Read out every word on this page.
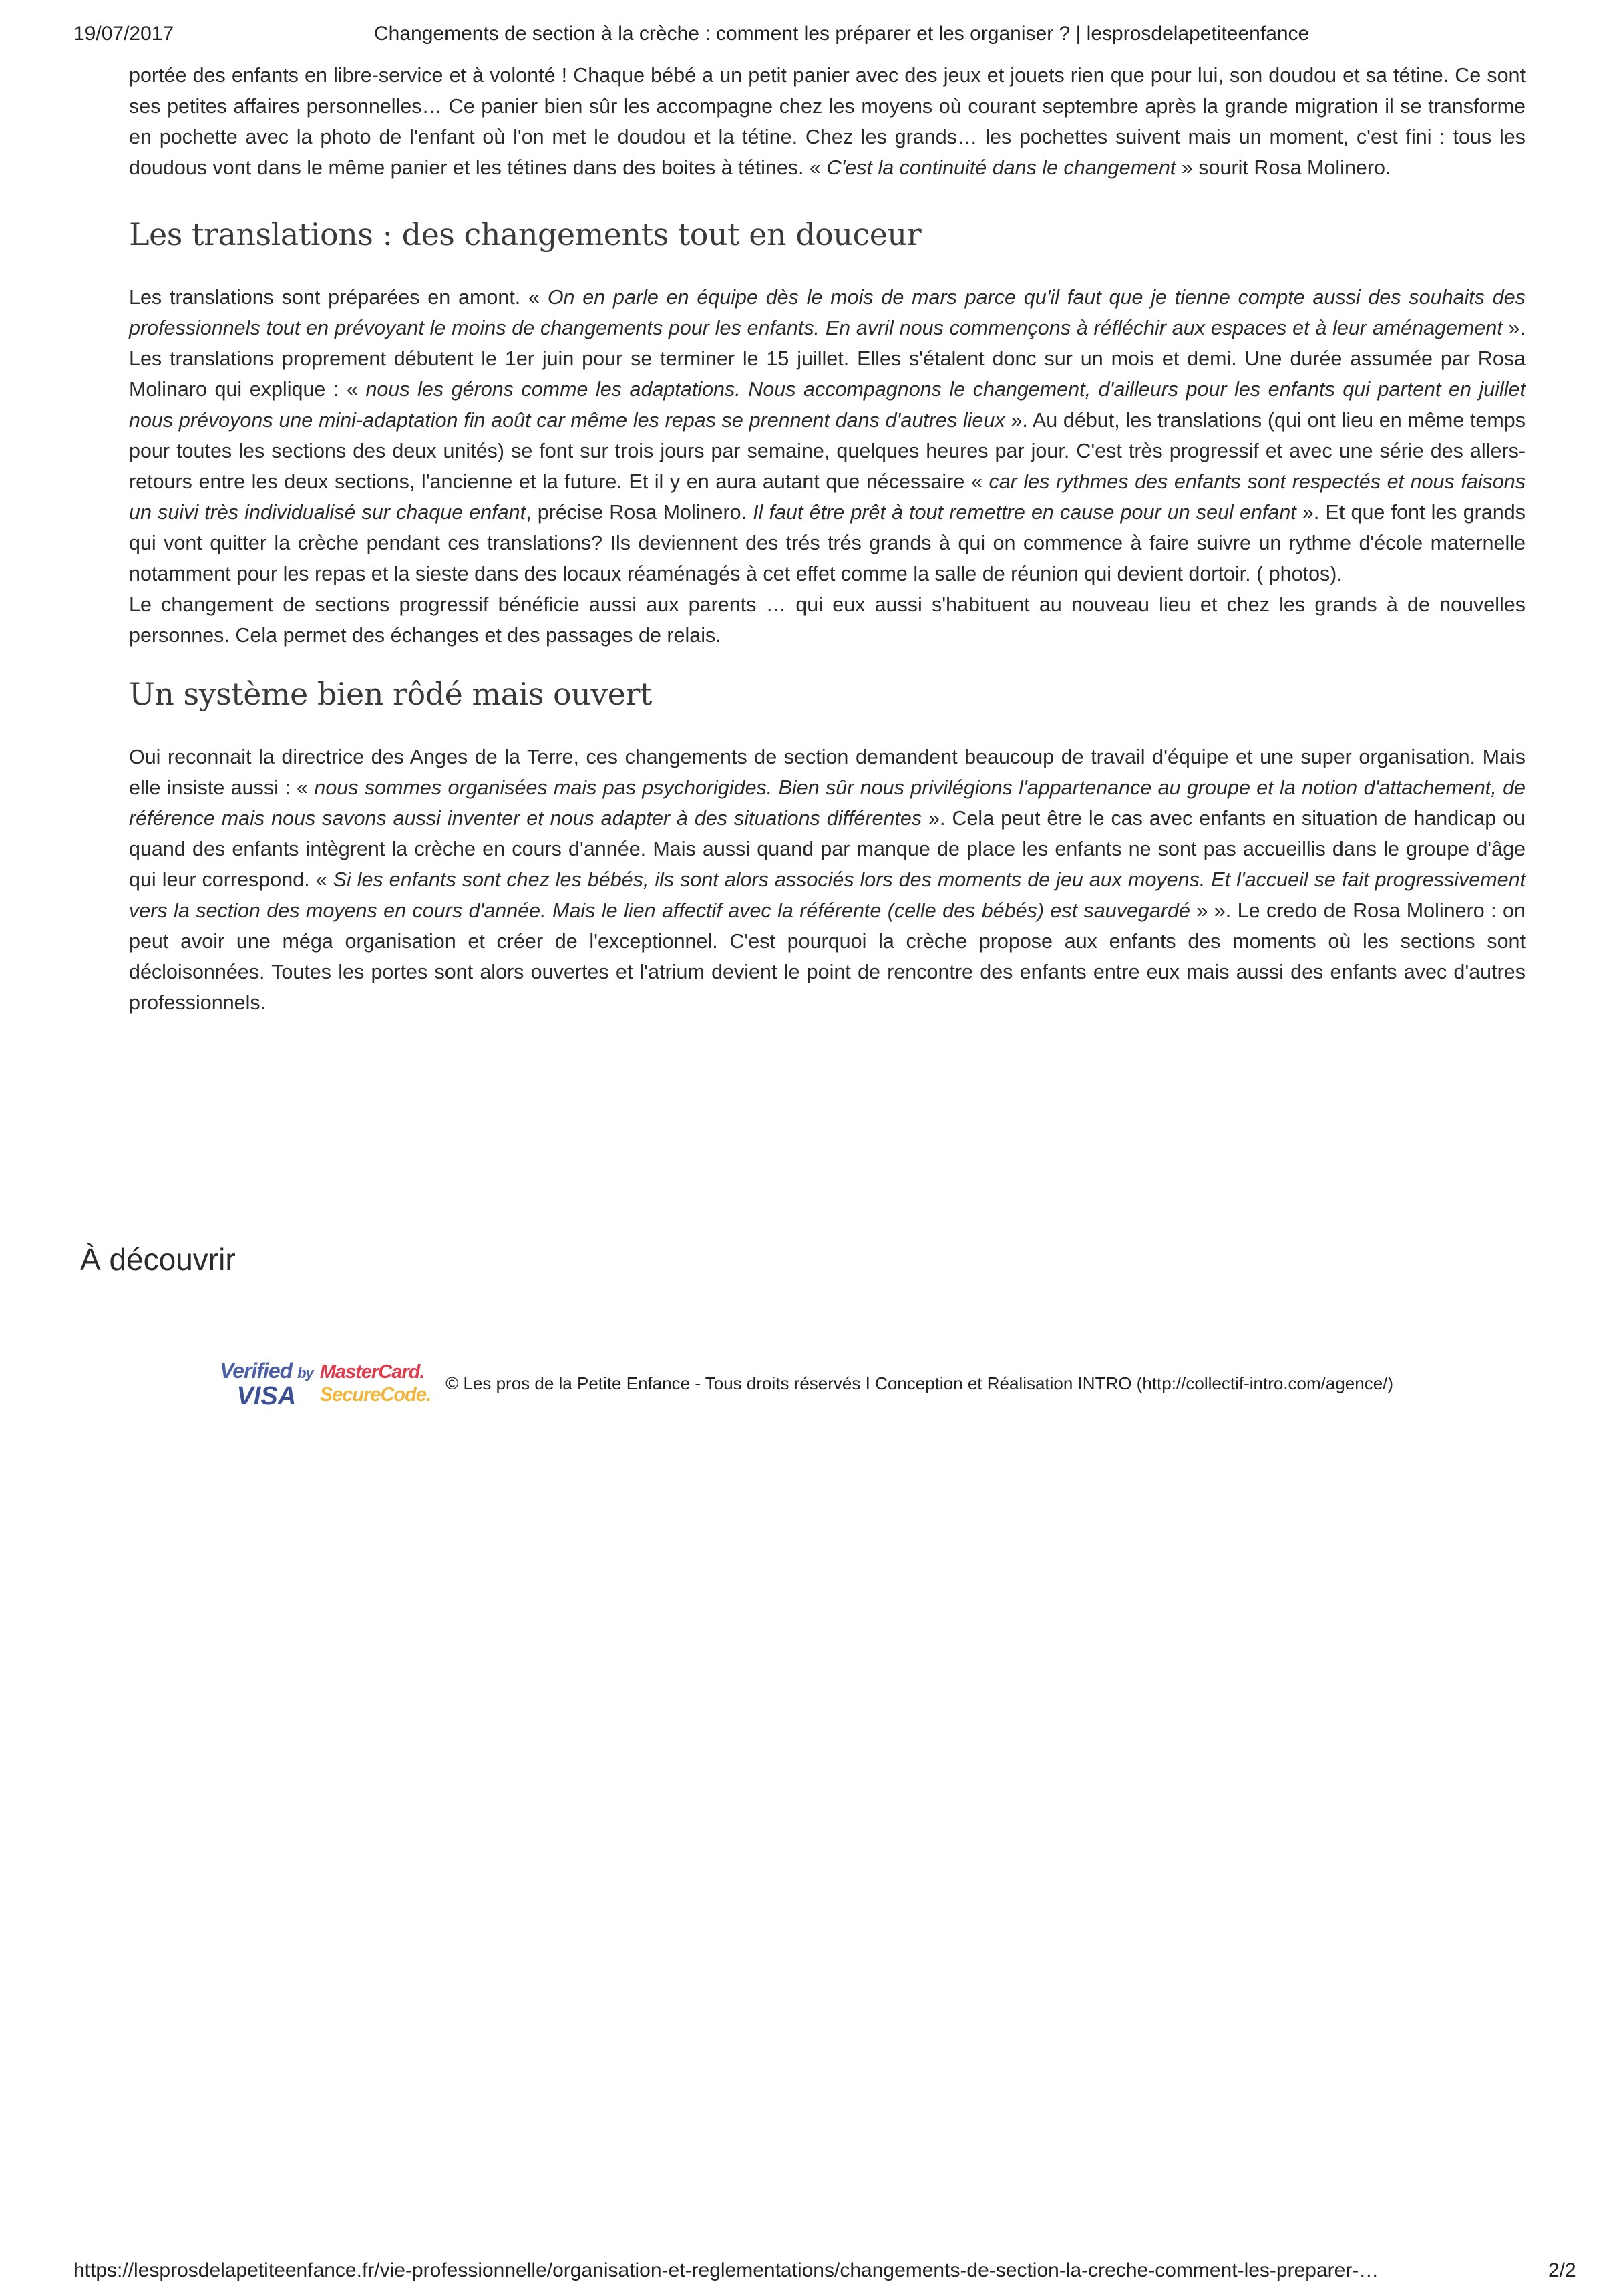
19/07/2017	Changements de section à la crèche : comment les préparer et les organiser ? | lesprosdelapetiteenfance

portée des enfants en libre-service et à volonté ! Chaque bébé a un petit panier avec des jeux et jouets rien que pour lui, son doudou et sa tétine. Ce sont ses petites affaires personnelles… Ce panier bien sûr les accompagne chez les moyens où courant septembre après la grande migration il se transforme en pochette avec la photo de l'enfant où l'on met le doudou et la tétine. Chez les grands… les pochettes suivent mais un moment, c'est fini : tous les doudous vont dans le même panier et les tétines dans des boites à tétines. « C'est la continuité dans le changement » sourit Rosa Molinero.

Les translations : des changements tout en douceur

Les translations sont préparées en amont. « On en parle en équipe dès le mois de mars parce qu'il faut que je tienne compte aussi des souhaits des professionnels tout en prévoyant le moins de changements pour les enfants. En avril nous commençons à réfléchir aux espaces et à leur aménagement ». Les translations proprement débutent le 1er juin pour se terminer le 15 juillet. Elles s'étalent donc sur un mois et demi. Une durée assumée par Rosa Molinaro qui explique : « nous les gérons comme les adaptations. Nous accompagnons le changement, d'ailleurs pour les enfants qui partent en juillet nous prévoyons une mini-adaptation fin août car même les repas se prennent dans d'autres lieux ». Au début, les translations (qui ont lieu en même temps pour toutes les sections des deux unités) se font sur trois jours par semaine, quelques heures par jour. C'est très progressif et avec une série des allers-retours entre les deux sections, l'ancienne et la future. Et il y en aura autant que nécessaire « car les rythmes des enfants sont respectés et nous faisons un suivi très individualisé sur chaque enfant, précise Rosa Molinero. Il faut être prêt à tout remettre en cause pour un seul enfant ». Et que font les grands qui vont quitter la crèche pendant ces translations? Ils deviennent des trés trés grands à qui on commence à faire suivre un rythme d'école maternelle notamment pour les repas et la sieste dans des locaux réaménagés à cet effet comme la salle de réunion qui devient dortoir. ( photos).

Le changement de sections progressif bénéficie aussi aux parents … qui eux aussi s'habituent au nouveau lieu et chez les grands à de nouvelles personnes. Cela permet des échanges et des passages de relais.

Un système bien rôdé mais ouvert

Oui reconnait la directrice des Anges de la Terre, ces changements de section demandent beaucoup de travail d'équipe et une super organisation. Mais elle insiste aussi : « nous sommes organisées mais pas psychorigides. Bien sûr nous privilégions l'appartenance au groupe et la notion d'attachement, de référence mais nous savons aussi inventer et nous adapter à des situations différentes ». Cela peut être le cas avec enfants en situation de handicap ou quand des enfants intègrent la crèche en cours d'année. Mais aussi quand par manque de place les enfants ne sont pas accueillis dans le groupe d'âge qui leur correspond. « Si les enfants sont chez les bébés, ils sont alors associés lors des moments de jeu aux moyens. Et l'accueil se fait progressivement vers la section des moyens en cours d'année. Mais le lien affectif avec la référente (celle des bébés) est sauvegardé » ». Le credo de Rosa Molinero : on peut avoir une méga organisation et créer de l'exceptionnel. C'est pourquoi la crèche propose aux enfants des moments où les sections sont décloisonnées. Toutes les portes sont alors ouvertes et l'atrium devient le point de rencontre des enfants entre eux mais aussi des enfants avec d'autres professionnels.

À découvrir
Verified by
VISA
MasterCard.
SecureCode.
© Les pros de la Petite Enfance - Tous droits réservés I Conception et Réalisation INTRO (http://collectif-intro.com/agence/)
https://lesprosdelapetiteenfance.fr/vie-professionnelle/organisation-et-reglementations/changements-de-section-la-creche-comment-les-preparer-…	2/2
